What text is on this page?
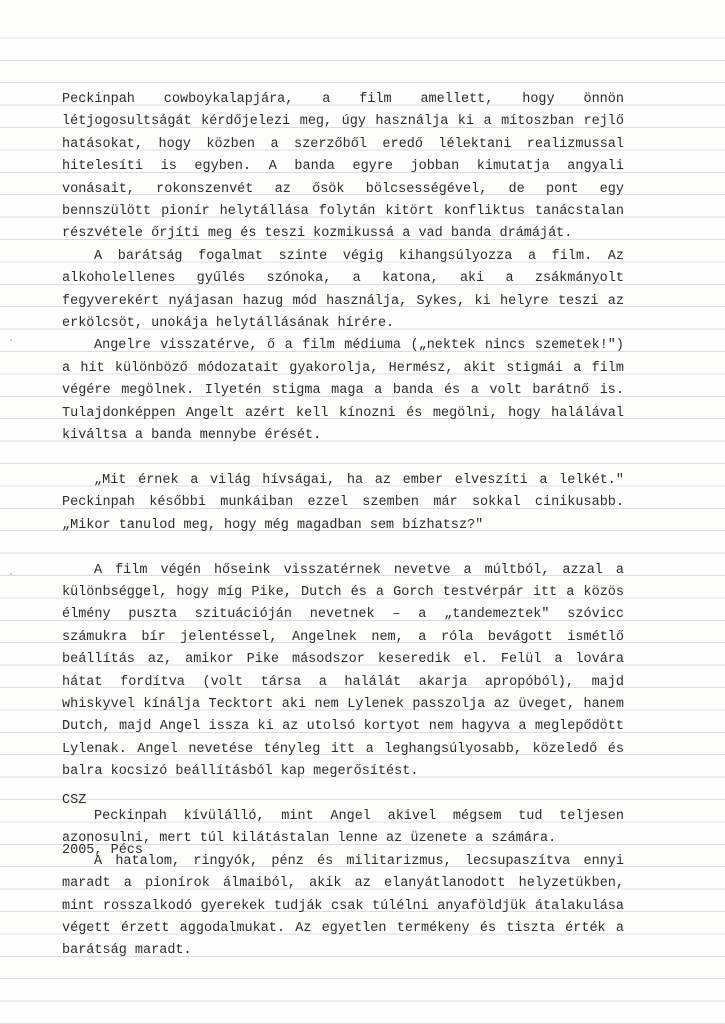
Peckinpah cowboykalapjára, a film amellett, hogy önnön létjogosultságát kérdőjelezi meg, úgy használja ki a mítoszban rejlő hatásokat, hogy közben a szerzőből eredő lélektani realizmussal hitelesíti is egyben. A banda egyre jobban kimutatja angyali vonásait, rokonszenvét az ősök bölcsességével, de pont egy bennszülött pionír helytállása folytán kitört konfliktus tanácstalan részvétele őrjíti meg és teszi kozmikussá a vad banda drámáját.

A barátság fogalmat szinte végig kihangsúlyozza a film. Az alkoholellenes gyűlés szónoka, a katona, aki a zsákmányolt fegyverekért nyájasan hazug mód használja, Sykes, ki helyre teszi az erkölcsöt, unokája helytállásának hírére.

Angelre visszatérve, ő a film médiuma („nektek nincs szemetek!") a hit különböző módozatait gyakorolja, Hermész, akit stigmái a film végére megölnek. Ilyetén stigma maga a banda és a volt barátnő is. Tulajdonképpen Angelt azért kell kínozni és megölni, hogy halálával kiváltsa a banda mennybe érését.

„Mit érnek a világ hívságai, ha az ember elveszíti a lelkét." Peckinpah későbbi munkáiban ezzel szemben már sokkal cinikusabb. „Mikor tanulod meg, hogy még magadban sem bízhatsz?"

A film végén hőseink visszatérnek nevetve a múltból, azzal a különbséggel, hogy míg Pike, Dutch és a Gorch testvérpár itt a közös élmény puszta szituációján nevetnek – a „tandemeztek" szóvicc számukra bír jelentéssel, Angelnek nem, a róla bevágott ismétlő beállítás az, amikor Pike másodszor keseredik el. Felül a lovára hátat fordítva (volt társa a halálát akarja apropóból), majd whiskyvel kínálja Tecktort aki nem Lylenek passzolja az üveget, hanem Dutch, majd Angel issza ki az utolsó kortyot nem hagyva a meglepődött Lylenak. Angel nevetése tényleg itt a leghangsúlyosabb, közeledő és balra kocsizó beállításból kap megerősítést.

Peckinpah kívülálló, mint Angel akivel mégsem tud teljesen azonosulni, mert túl kilátástalan lenne az üzenete a számára.

A hatalom, ringyók, pénz és militarizmus, lecsupaszítva ennyi maradt a pionírok álmaiból, akik az elanyátlanodott helyzetükben, mint rosszalkodó gyerekek tudják csak túlélni anyaföldjük átalakulása végett érzett aggodalmukat. Az egyetlen termékeny és tiszta érték a barátság maradt.

CSZ
2005, Pécs
·
·
`
